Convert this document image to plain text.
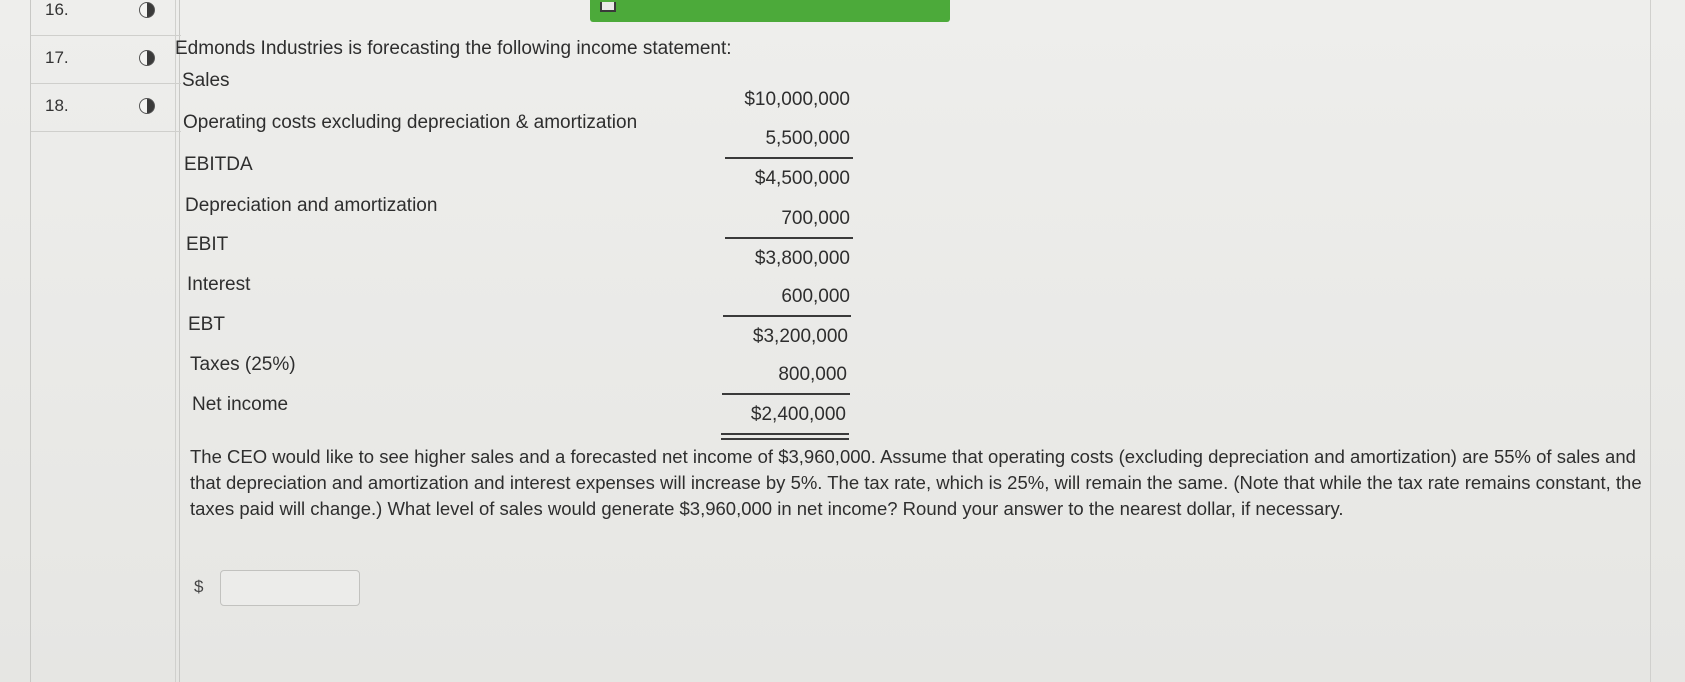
16.
17.
18.
Edmonds Industries is forecasting the following income statement:
Sales
$10,000,000
Operating costs excluding depreciation & amortization
5,500,000
EBITDA
$4,500,000
Depreciation and amortization
700,000
EBIT
$3,800,000
Interest
600,000
EBT
$3,200,000
Taxes (25%)	800,000
Net income	$2,400,000

The CEO would like to see higher sales and a forecasted net income of $3,960,000. Assume that operating costs (excluding depreciation and amortization) are 55% of sales and that depreciation and amortization and interest expenses will increase by 5%. The tax rate, which is 25%, will remain the same. (Note that while the tax rate remains constant, the taxes paid will change.) What level of sales would generate $3,960,000 in net income? Round your answer to the nearest dollar, if necessary.

$
